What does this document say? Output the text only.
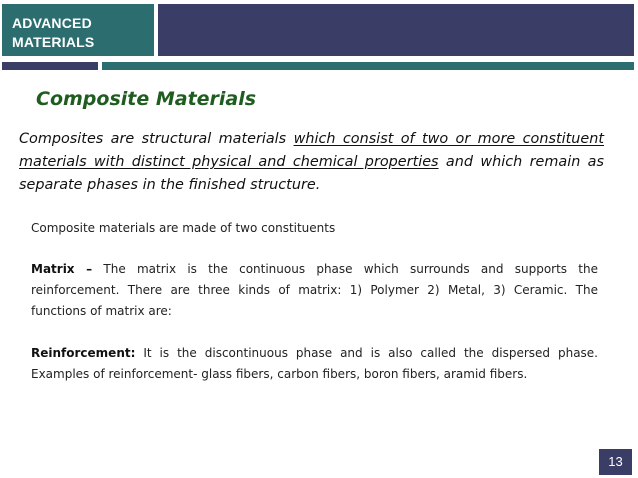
ADVANCED
MATERIALS
Composite Materials

Composites are structural materials which consist of two or more constituent materials with distinct physical and chemical properties and which remain as separate phases in the finished structure.

Composite materials are made of two constituents

Matrix – The matrix is the continuous phase which surrounds and supports the reinforcement. There are three kinds of matrix: 1) Polymer 2) Metal, 3) Ceramic. The functions of matrix are:

Reinforcement: It is the discontinuous phase and is also called the dispersed phase. Examples of reinforcement- glass fibers, carbon fibers, boron fibers, aramid fibers.

13
